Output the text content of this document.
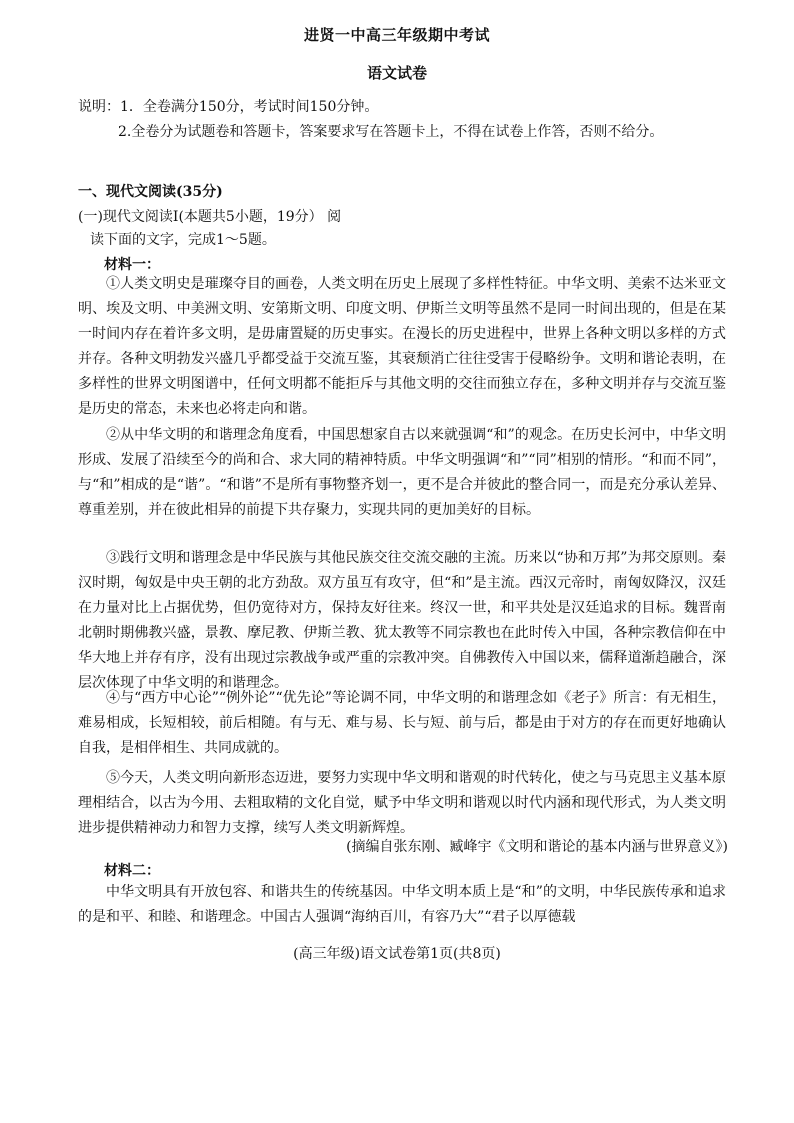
进贤一中高三年级期中考试
语文试卷
说明：1．全卷满分150分，考试时间150分钟。
2.全卷分为试题卷和答题卡，答案要求写在答题卡上，不得在试卷上作答，否则不给分。
一、现代文阅读(35分)
(一)现代文阅读Ⅰ(本题共5小题，19分） 阅
读下面的文字，完成1～5题。
材料一：
①人类文明史是璀璨夺目的画卷，人类文明在历史上展现了多样性特征。中华文明、美索不达米亚文明、埃及文明、中美洲文明、安第斯文明、印度文明、伊斯兰文明等虽然不是同一时间出现的，但是在某一时间内存在着许多文明，是毋庸置疑的历史事实。在漫长的历史进程中，世界上各种文明以多样的方式并存。各种文明勃发兴盛几乎都受益于交流互鉴，其衰颓消亡往往受害于侵略纷争。文明和谐论表明，在多样性的世界文明图谱中，任何文明都不能拒斥与其他文明的交往而独立存在，多种文明并存与交流互鉴是历史的常态，未来也必将走向和谐。
②从中华文明的和谐理念角度看，中国思想家自古以来就强调“和”的观念。在历史长河中，中华文明形成、发展了沿续至今的尚和合、求大同的精神特质。中华文明强调“和”“同”相别的情形。“和而不同”，与“和”相成的是“谐”。“和谐”不是所有事物整齐划一，更不是合并彼此的整合同一，而是充分承认差异、尊重差别，并在彼此相异的前提下共存聚力，实现共同的更加美好的目标。
③践行文明和谐理念是中华民族与其他民族交往交流交融的主流。历来以“协和万邦”为邦交原则。秦汉时期，匈奴是中央王朝的北方劲敌。双方虽互有攻守，但“和”是主流。西汉元帝时，南匈奴降汉，汉廷在力量对比上占据优势，但仍宽待对方，保持友好往来。终汉一世，和平共处是汉廷追求的目标。魏晋南北朝时期佛教兴盛，景教、摩尼教、伊斯兰教、犹太教等不同宗教也在此时传入中国，各种宗教信仰在中华大地上并存有序，没有出现过宗教战争或严重的宗教冲突。自佛教传入中国以来，儒释道渐趋融合，深层次体现了中华文明的和谐理念。
④与“西方中心论”“例外论”“优先论”等论调不同，中华文明的和谐理念如《老子》所言：有无相生，难易相成，长短相较，前后相随。有与无、难与易、长与短、前与后，都是由于对方的存在而更好地确认自我，是相伴相生、共同成就的。
⑤今天，人类文明向新形态迈进，要努力实现中华文明和谐观的时代转化，使之与马克思主义基本原理相结合，以古为今用、去粗取精的文化自觉，赋予中华文明和谐观以时代内涵和现代形式，为人类文明进步提供精神动力和智力支撑，续写人类文明新辉煌。
(摘编自张东刚、臧峰宇《文明和谐论的基本内涵与世界意义》)
材料二：
中华文明具有开放包容、和谐共生的传统基因。中华文明本质上是“和”的文明，中华民族传承和追求的是和平、和睦、和谐理念。中国古人强调“海纳百川，有容乃大”“君子以厚德载
(高三年级)语文试卷第1页(共8页)
